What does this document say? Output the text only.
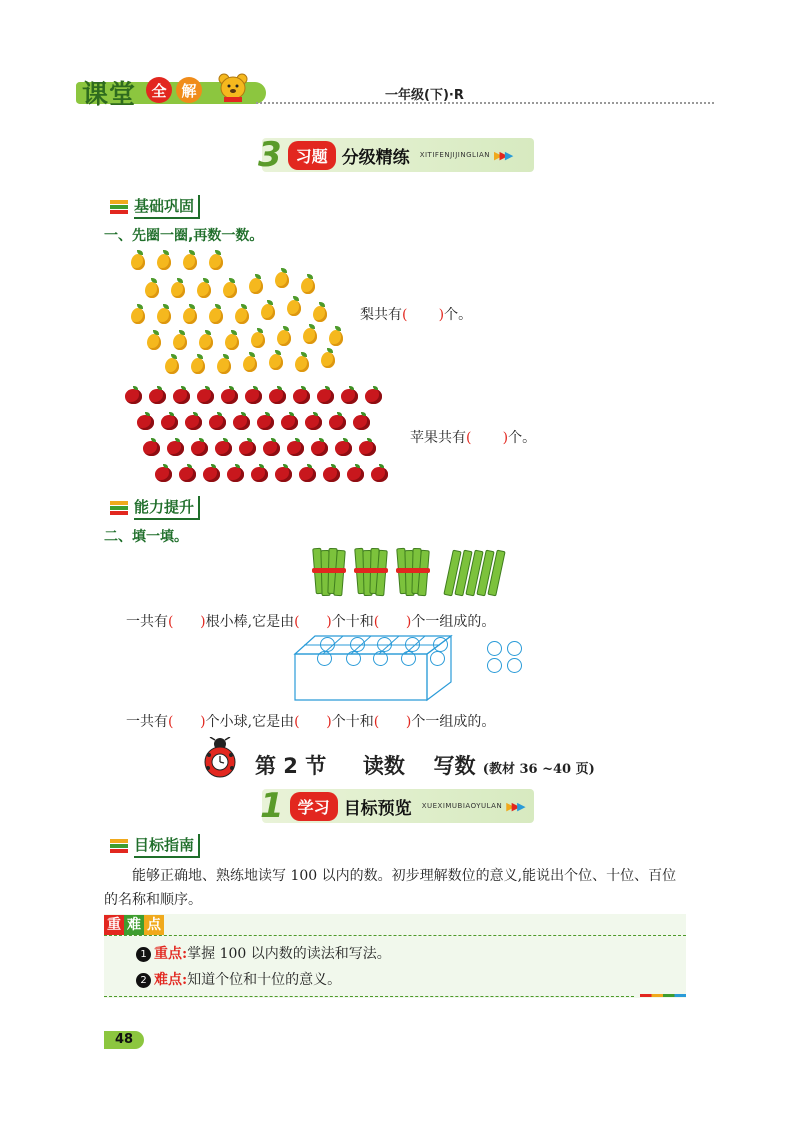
课堂	全 解	一年级(下)·R
3 习题 分级精练 XITIFENJIJINGLIAN ▶▶▶
基础巩固
一、先圈一圈,再数一数。
梨共有(       )个。
苹果共有(       )个。
能力提升
二、填一填。
一共有(      )根小棒,它是由(      )个十和(      )个一组成的。
一共有(      )个小球,它是由(      )个十和(      )个一组成的。
第 2 节 读数 写数 (教材 36 ~40 页)
1 学习 目标预览 XUEXIMUBIAOYULAN ▶▶▶
目标指南
能够正确地、熟练地读写 100 以内的数。初步理解数位的意义,能说出个位、十位、百位
的名称和顺序。
重 难 点
1 重点:掌握 100 以内数的读法和写法。
2 难点:知道个位和十位的意义。
48
